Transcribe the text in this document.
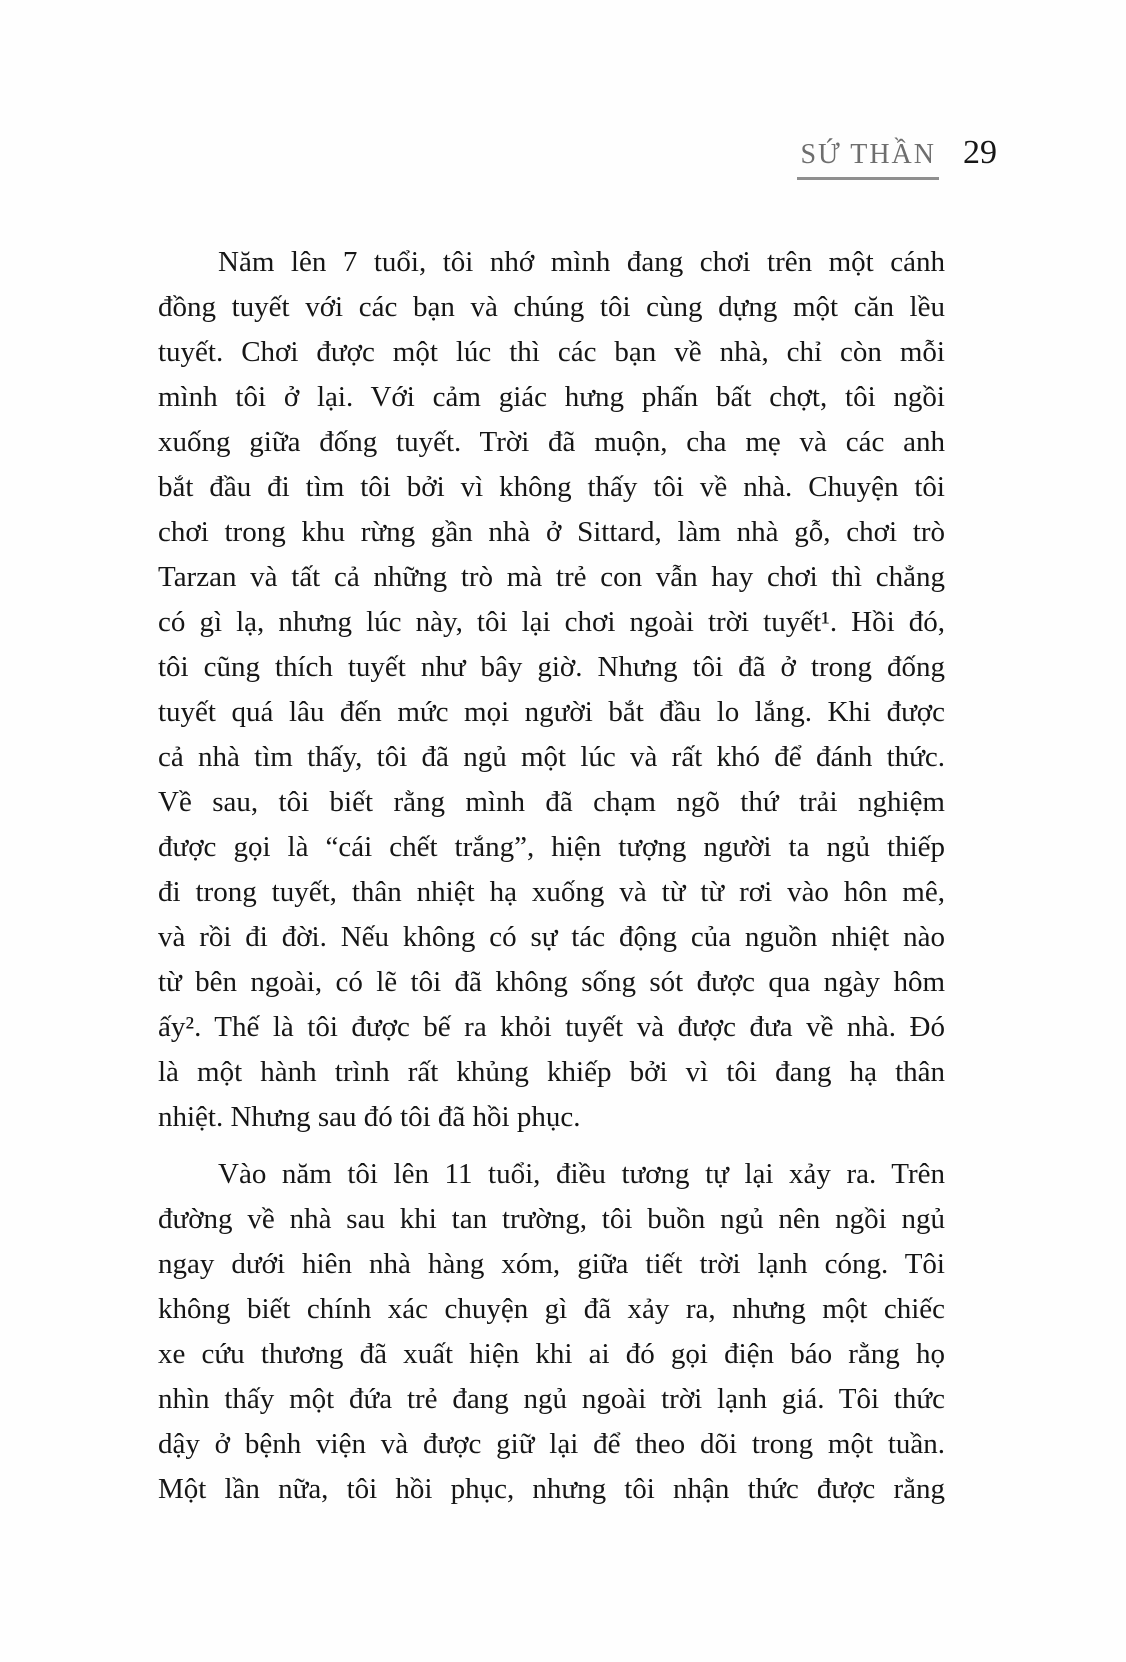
SỨ THẦN 29
Năm lên 7 tuổi, tôi nhớ mình đang chơi trên một cánh
đồng tuyết với các bạn và chúng tôi cùng dựng một căn lều
tuyết. Chơi được một lúc thì các bạn về nhà, chỉ còn mỗi
mình tôi ở lại. Với cảm giác hưng phấn bất chợt, tôi ngồi
xuống giữa đống tuyết. Trời đã muộn, cha mẹ và các anh
bắt đầu đi tìm tôi bởi vì không thấy tôi về nhà. Chuyện tôi
chơi trong khu rừng gần nhà ở Sittard, làm nhà gỗ, chơi trò
Tarzan và tất cả những trò mà trẻ con vẫn hay chơi thì chẳng
có gì lạ, nhưng lúc này, tôi lại chơi ngoài trời tuyết¹. Hồi đó,
tôi cũng thích tuyết như bây giờ. Nhưng tôi đã ở trong đống
tuyết quá lâu đến mức mọi người bắt đầu lo lắng. Khi được
cả nhà tìm thấy, tôi đã ngủ một lúc và rất khó để đánh thức.
Về sau, tôi biết rằng mình đã chạm ngõ thứ trải nghiệm
được gọi là “cái chết trắng”, hiện tượng người ta ngủ thiếp
đi trong tuyết, thân nhiệt hạ xuống và từ từ rơi vào hôn mê,
và rồi đi đời. Nếu không có sự tác động của nguồn nhiệt nào
từ bên ngoài, có lẽ tôi đã không sống sót được qua ngày hôm
ấy². Thế là tôi được bế ra khỏi tuyết và được đưa về nhà. Đó
là một hành trình rất khủng khiếp bởi vì tôi đang hạ thân
nhiệt. Nhưng sau đó tôi đã hồi phục.
Vào năm tôi lên 11 tuổi, điều tương tự lại xảy ra. Trên
đường về nhà sau khi tan trường, tôi buồn ngủ nên ngồi ngủ
ngay dưới hiên nhà hàng xóm, giữa tiết trời lạnh cóng. Tôi
không biết chính xác chuyện gì đã xảy ra, nhưng một chiếc
xe cứu thương đã xuất hiện khi ai đó gọi điện báo rằng họ
nhìn thấy một đứa trẻ đang ngủ ngoài trời lạnh giá. Tôi thức
dậy ở bệnh viện và được giữ lại để theo dõi trong một tuần.
Một lần nữa, tôi hồi phục, nhưng tôi nhận thức được rằng
